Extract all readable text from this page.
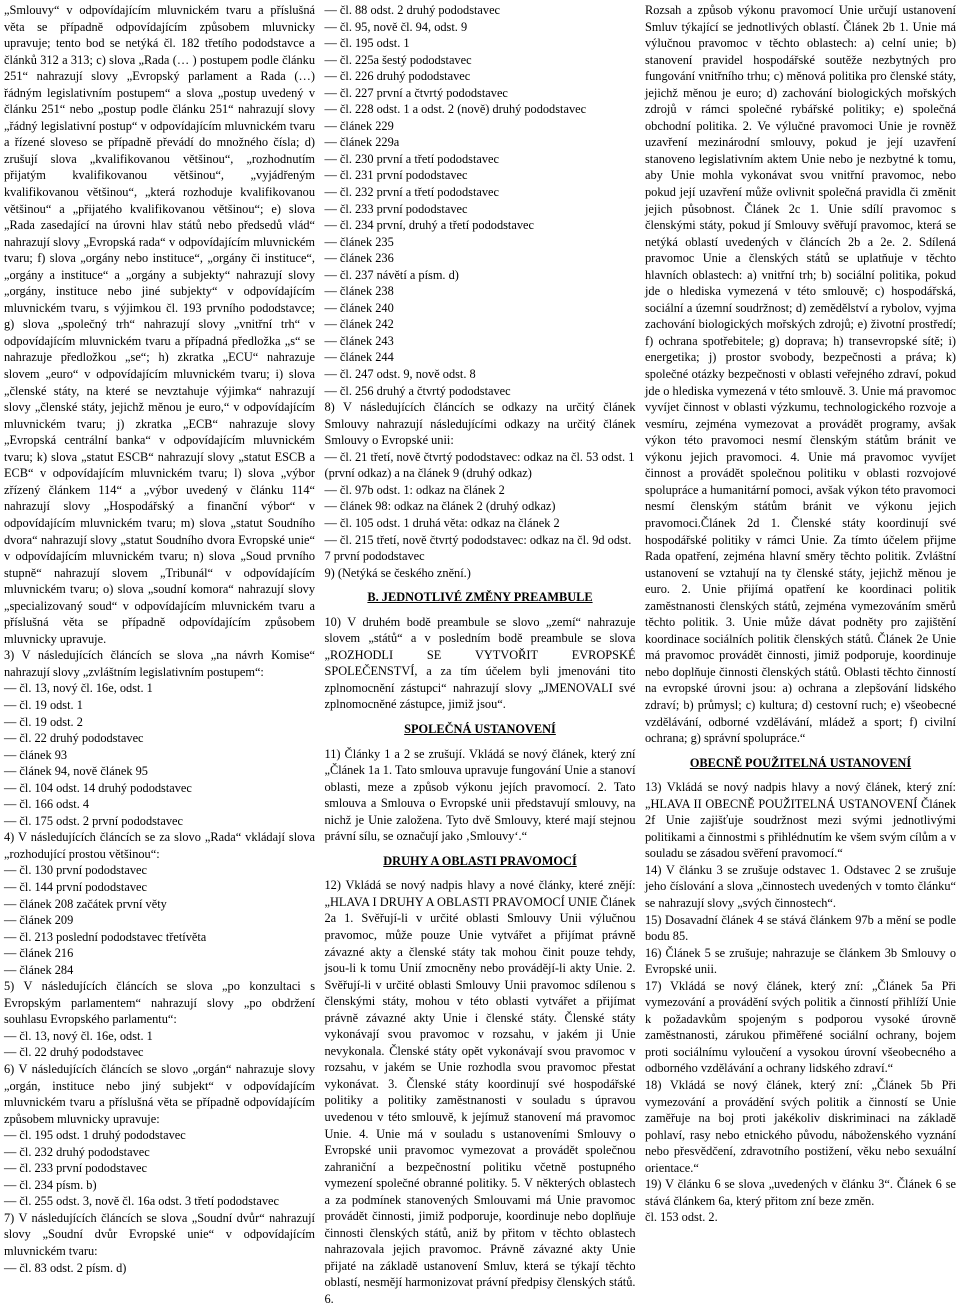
„Smlouvy“ v odpovídajícím mluvnickém tvaru a příslušná věta se případně odpovídajícím způsobem mluvnicky upravuje; tento bod se netýká čl. 182 třetího pododstavce a článků 312 a 313; c) slova „Rada (… ) postupem podle článku 251“ nahrazují slovy „Evropský parlament a Rada (…) řádným legislativním postupem“ a slova „postup uvedený v článku 251“ nebo „postup podle článku 251“ nahrazují slovy „řádný legislativní postup“ v odpovídajícím mluvnickém tvaru a řízené sloveso se případně převádí do množného čísla; d) zrušují slova „kvalifikovanou většinou“, „rozhodnutím přijatým kvalifikovanou většinou“, „vyjádřeným kvalifikovanou většinou“, „která rozhoduje kvalifikovanou většinou“ a „přijatého kvalifikovanou většinou“; e) slova „Rada zasedající na úrovni hlav států nebo předsedů vlád“ nahrazují slovy „Evropská rada“ v odpovídajícím mluvnickém tvaru; f) slova „orgány nebo instituce“, „orgány či instituce“, „orgány a instituce“ a „orgány a subjekty“ nahrazují slovy „orgány, instituce nebo jiné subjekty“ v odpovídajícím mluvnickém tvaru, s výjimkou čl. 193 prvního pododstavce; g) slova „společný trh“ nahrazují slovy „vnitřní trh“ v odpovídajícím mluvnickém tvaru a případná předložka „s“ se nahrazuje předložkou „se“; h) zkratka „ECU“ nahrazuje slovem „euro“ v odpovídajícím mluvnickém tvaru; i) slova „členské státy, na které se nevztahuje výjimka“ nahrazují slovy „členské státy, jejichž měnou je euro,“ v odpovídajícím mluvnickém tvaru; j) zkratka „ECB“ nahrazuje slovy „Evropská centrální banka“ v odpovídajícím mluvnickém tvaru; k) slova „statut ESCB“ nahrazují slovy „statut ESCB a ECB“ v odpovídajícím mluvnickém tvaru; l) slova „výbor zřízený článkem 114“ a „výbor uvedený v článku 114“ nahrazují slovy „Hospodářský a finanční výbor“ v odpovídajícím mluvnickém tvaru; m) slova „statut Soudního dvora“ nahrazují slovy „statut Soudního dvora Evropské unie“ v odpovídajícím mluvnickém tvaru; n) slova „Soud prvního stupně“ nahrazují slovem „Tribunál“ v odpovídajícím mluvnickém tvaru; o) slova „soudní komora“ nahrazují slovy „specializovaný soud“ v odpovídajícím mluvnickém tvaru a příslušná věta se případně odpovídajícím způsobem mluvnicky upravuje.

3) V následujících článcích se slova „na návrh Komise“ nahrazují slovy „zvláštním legislativním postupem“:

— čl. 13, nový čl. 16e, odst. 1

— čl. 19 odst. 1

— čl. 19 odst. 2

— čl. 22 druhý pododstavec

— článek 93

— článek 94, nově článek 95

— čl. 104 odst. 14 druhý pododstavec

— čl. 166 odst. 4

— čl. 175 odst. 2 první pododstavec

4) V následujících článcích se za slovo „Rada“ vkládají slova „rozhodující prostou většinou“:

— čl. 130 první pododstavec

— čl. 144 první pododstavec

— článek 208 začátek první věty

— článek 209

— čl. 213 poslední pododstavec třetívěta

— článek 216

— článek 284

5) V následujících článcích se slova „po konzultaci s Evropským parlamentem“ nahrazují slovy „po obdržení souhlasu Evropského parlamentu“:

— čl. 13, nový čl. 16e, odst. 1

— čl. 22 druhý pododstavec

6) V následujících článcích se slovo „orgán“ nahrazuje slovy „orgán, instituce nebo jiný subjekt“ v odpovídajícím mluvnickém tvaru a příslušná věta se případně odpovídajícím způsobem mluvnicky upravuje:

— čl. 195 odst. 1 druhý pododstavec

— čl. 232 druhý pododstavec

— čl. 233 první pododstavec

— čl. 234 písm. b)

— čl. 255 odst. 3, nově čl. 16a odst. 3 třetí pododstavec

7) V následujících článcích se slova „Soudní dvůr“ nahrazují slovy „Soudní dvůr Evropské unie“ v odpovídajícím mluvnickém tvaru:

— čl. 83 odst. 2 písm. d)

— čl. 88 odst. 2 druhý pododstavec

— čl. 95, nově čl. 94, odst. 9

— čl. 195 odst. 1

— čl. 225a šestý pododstavec

— čl. 226 druhý pododstavec

— čl. 227 první a čtvrtý pododstavec

— čl. 228 odst. 1 a odst. 2 (nově) druhý pododstavec

— článek 229

— článek 229a

— čl. 230 první a třetí pododstavec

— čl. 231 první pododstavec

— čl. 232 první a třetí pododstavec

— čl. 233 první pododstavec

— čl. 234 první, druhý a třetí pododstavec

— článek 235

— článek 236

— čl. 237 návětí a písm. d)

— článek 238

— článek 240

— článek 242

— článek 243

— článek 244

— čl. 247 odst. 9, nově odst. 8

— čl. 256 druhý a čtvrtý pododstavec

8) V následujících článcích se odkazy na určitý článek Smlouvy nahrazují následujícími odkazy na určitý článek Smlouvy o Evropské unii:

— čl. 21 třetí, nově čtvrtý pododstavec: odkaz na čl. 53 odst. 1 (první odkaz) a na článek 9 (druhý odkaz)

— čl. 97b odst. 1: odkaz na článek 2

— článek 98: odkaz na článek 2 (druhý odkaz)

— čl. 105 odst. 1 druhá věta: odkaz na článek 2

— čl. 215 třetí, nově čtvrtý pododstavec: odkaz na čl. 9d odst. 7 první pododstavec

9) (Netýká se českého znění.)

B. JEDNOTLIVÉ ZMĚNY PREAMBULE

10) V druhém bodě preambule se slovo „zemí“ nahrazuje slovem „států“ a v posledním bodě preambule se slova „ROZHODLI SE VYTVOŘIT EVROPSKÉ SPOLEČENSTVÍ, a za tím účelem byli jmenováni tito zplnomocnění zástupci“ nahrazují slovy „JMENOVALI své zplnomocněné zástupce, jimiž jsou“.

SPOLEČNÁ USTANOVENÍ

11) Články 1 a 2 se zrušují. Vkládá se nový článek, který zní „Článek 1a 1. Tato smlouva upravuje fungování Unie a stanoví oblasti, meze a způsob výkonu jejích pravomocí. 2. Tato smlouva a Smlouva o Evropské unii představují smlouvy, na nichž je Unie založena. Tyto dvě Smlouvy, které mají stejnou právní sílu, se označují jako ‚Smlouvy‘.“

DRUHY A OBLASTI PRAVOMOCÍ

12) Vkládá se nový nadpis hlavy a nové články, které znějí: „HLAVA I DRUHY A OBLASTI PRAVOMOCÍ UNIE Článek 2a 1. Svěřují-li v určité oblasti Smlouvy Unii výlučnou pravomoc, může pouze Unie vytvářet a přijímat právně závazné akty a členské státy tak mohou činit pouze tehdy, jsou-li k tomu Unií zmocněny nebo provádějí-li akty Unie. 2. Svěřují-li v určité oblasti Smlouvy Unii pravomoc sdílenou s členskými státy, mohou v této oblasti vytvářet a přijímat právně závazné akty Unie i členské státy. Členské státy vykonávají svou pravomoc v rozsahu, v jakém ji Unie nevykonala. Členské státy opět vykonávají svou pravomoc v rozsahu, v jakém se Unie rozhodla svou pravomoc přestat vykonávat. 3. Členské státy koordinují své hospodářské politiky a politiky zaměstnanosti v souladu s úpravou uvedenou v této smlouvě, k jejímuž stanovení má pravomoc Unie. 4. Unie má v souladu s ustanoveními Smlouvy o Evropské unii pravomoc vymezovat a provádět společnou zahraniční a bezpečnostní politiku včetně postupného vymezení společné obranné politiky. 5. V některých oblastech a za podmínek stanovených Smlouvami má Unie pravomoc provádět činnosti, jimiž podporuje, koordinuje nebo doplňuje činnosti členských států, aniž by přitom v těchto oblastech nahrazovala jejich pravomoc. Právně závazné akty Unie přijaté na základě ustanovení Smluv, která se týkají těchto oblastí, nesmějí harmonizovat právní předpisy členských států. 6.

Rozsah a způsob výkonu pravomocí Unie určují ustanovení Smluv týkající se jednotlivých oblastí. Článek 2b 1. Unie má výlučnou pravomoc v těchto oblastech: a) celní unie; b) stanovení pravidel hospodářské soutěže nezbytných pro fungování vnitřního trhu; c) měnová politika pro členské státy, jejichž měnou je euro; d) zachování biologických mořských zdrojů v rámci společné rybářské politiky; e) společná obchodní politika. 2. Ve výlučné pravomoci Unie je rovněž uzavření mezinárodní smlouvy, pokud je její uzavření stanoveno legislativním aktem Unie nebo je nezbytné k tomu, aby Unie mohla vykonávat svou vnitřní pravomoc, nebo pokud její uzavření může ovlivnit společná pravidla či změnit jejich působnost. Článek 2c 1. Unie sdílí pravomoc s členskými státy, pokud jí Smlouvy svěřují pravomoc, která se netýká oblastí uvedených v článcích 2b a 2e. 2. Sdílená pravomoc Unie a členských států se uplatňuje v těchto hlavních oblastech: a) vnitřní trh; b) sociální politika, pokud jde o hlediska vymezená v této smlouvě; c) hospodářská, sociální a územní soudržnost; d) zemědělství a rybolov, vyjma zachování biologických mořských zdrojů; e) životní prostředí; f) ochrana spotřebitele; g) doprava; h) transevropské sítě; i) energetika; j) prostor svobody, bezpečnosti a práva; k) společné otázky bezpečnosti v oblasti veřejného zdraví, pokud jde o hlediska vymezená v této smlouvě. 3. Unie má pravomoc vyvíjet činnost v oblasti výzkumu, technologického rozvoje a vesmíru, zejména vymezovat a provádět programy, avšak výkon této pravomoci nesmí členským státům bránit ve výkonu jejich pravomoci. 4. Unie má pravomoc vyvíjet činnost a provádět společnou politiku v oblasti rozvojové spolupráce a humanitární pomoci, avšak výkon této pravomoci nesmí členským státům bránit ve výkonu jejich pravomoci.Článek 2d 1. Členské státy koordinují své hospodářské politiky v rámci Unie. Za tímto účelem přijme Rada opatření, zejména hlavní směry těchto politik. Zvláštní ustanovení se vztahují na ty členské státy, jejichž měnou je euro. 2. Unie přijímá opatření ke koordinaci politik zaměstnanosti členských států, zejména vymezováním směrů těchto politik. 3. Unie může dávat podněty pro zajištění koordinace sociálních politik členských států. Článek 2e Unie má pravomoc provádět činnosti, jimiž podporuje, koordinuje nebo doplňuje činnosti členských států. Oblasti těchto činností na evropské úrovni jsou: a) ochrana a zlepšování lidského zdraví; b) průmysl; c) kultura; d) cestovní ruch; e) všeobecné vzdělávání, odborné vzdělávání, mládež a sport; f) civilní ochrana; g) správní spolupráce.“

OBECNĚ POUŽITELNÁ USTANOVENÍ

13) Vkládá se nový nadpis hlavy a nový článek, který zní: „HLAVA II OBECNĚ POUŽITELNÁ USTANOVENÍ Článek 2f Unie zajišťuje soudržnost mezi svými jednotlivými politikami a činnostmi s přihlédnutím ke všem svým cílům a v souladu se zásadou svěření pravomocí.“

14) V článku 3 se zrušuje odstavec 1. Odstavec 2 se zrušuje jeho číslování a slova „činnostech uvedených v tomto článku“ se nahrazují slovy „svých činnostech“.

15) Dosavadní článek 4 se stává článkem 97b a mění se podle bodu 85.

16) Článek 5 se zrušuje; nahrazuje se článkem 3b Smlouvy o Evropské unii.

17) Vkládá se nový článek, který zní: „Článek 5a Při vymezování a provádění svých politik a činností přihlíží Unie k požadavkům spojeným s podporou vysoké úrovně zaměstnanosti, zárukou přiměřené sociální ochrany, bojem proti sociálnímu vyloučení a vysokou úrovní všeobecného a odborného vzdělávání a ochrany lidského zdraví.“

18) Vkládá se nový článek, který zní: „Článek 5b Při vymezování a provádění svých politik a činností se Unie zaměřuje na boj proti jakékoliv diskriminaci na základě pohlaví, rasy nebo etnického původu, náboženského vyznání nebo přesvědčení, zdravotního postižení, věku nebo sexuální orientace.“

19) V článku 6 se slova „uvedených v článku 3“. Článek 6 se stává článkem 6a, který přitom zní beze změn.

čl. 153 odst. 2.
